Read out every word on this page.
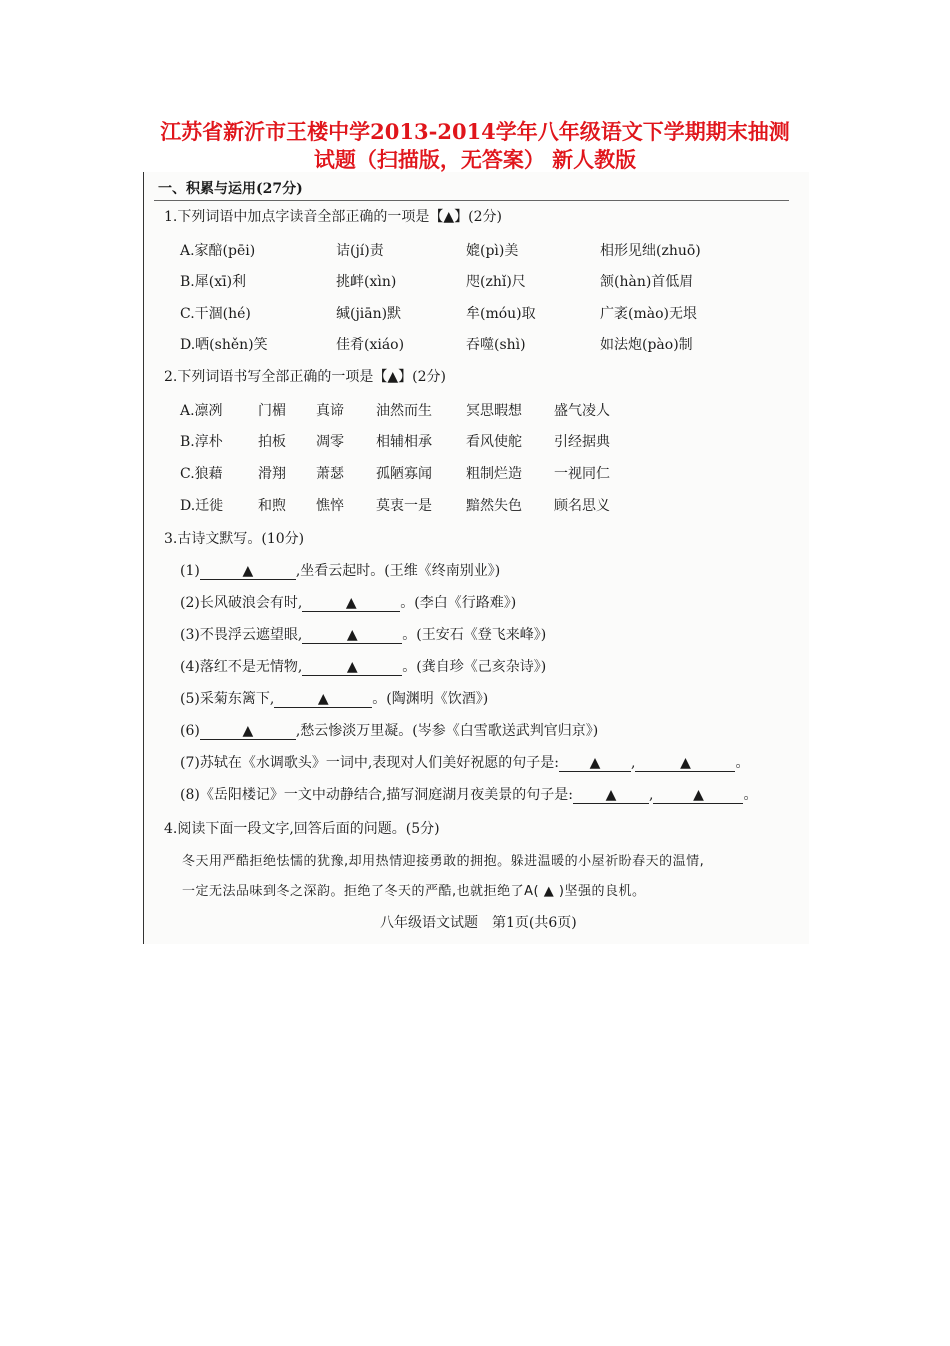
江苏省新沂市王楼中学2013-2014学年八年级语文下学期期末抽测
试题（扫描版，无答案） 新人教版
一、积累与运用(27分)
1.下列词语中加点字读音全部正确的一项是【▲】(2分)
A.家醅(pēi)	诘(jí)责	媲(pì)美	相形见绌(zhuō)
B.犀(xī)利	挑衅(xìn)	咫(zhǐ)尺	颔(hàn)首低眉
C.干涸(hé)	缄(jiān)默	牟(móu)取	广袤(mào)无垠
D.哂(shěn)笑	佳肴(xiáo)	吞噬(shì)	如法炮(pào)制
2.下列词语书写全部正确的一项是【▲】(2分)
A.凛冽	门楣 真谛 油然而生 冥思暇想 盛气凌人
B.淳朴	拍板 凋零 相辅相承 看风使舵 引经据典
C.狼藉	滑翔 萧瑟 孤陋寡闻 粗制烂造 一视同仁
D.迁徙 和煦 憔悴 莫衷一是 黯然失色 顾名思义
3.古诗文默写。(10分)
(1)	▲	,坐看云起时。(王维《终南别业》)
(2)长风破浪会有时,	▲	。(李白《行路难》)
(3)不畏浮云遮望眼,	▲	。(王安石《登飞来峰》)
(4)落红不是无情物,	▲	。(龚自珍《己亥杂诗》)
(5)采菊东篱下,	▲	。(陶渊明《饮酒》)
(6)	▲	,愁云惨淡万里凝。(岑参《白雪歌送武判官归京》)
(7)苏轼在《水调歌头》一词中,表现对人们美好祝愿的句子是: ▲ ,	▲	。
(8)《岳阳楼记》一文中动静结合,描写洞庭湖月夜美景的句子是: ▲ ,	▲	。
4.阅读下面一段文字,回答后面的问题。(5分)
冬天用严酷拒绝怯懦的犹豫,却用热情迎接勇敢的拥抱。躲进温暖的小屋祈盼春天的温情,
一定无法品味到冬之深韵。拒绝了冬天的严酷,也就拒绝了A( ▲ )坚强的良机。
八年级语文试题　第1页(共6页)
